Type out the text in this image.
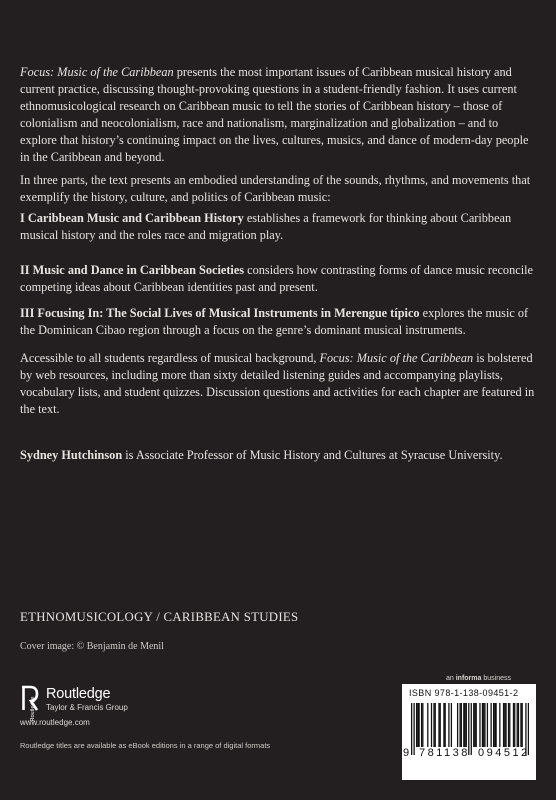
Focus: Music of the Caribbean presents the most important issues of Caribbean musical history and current practice, discussing thought-provoking questions in a student-friendly fashion. It uses current ethnomusicological research on Caribbean music to tell the stories of Caribbean history – those of colonialism and neocolonialism, race and nationalism, marginalization and globalization – and to explore that history’s continuing impact on the lives, cultures, musics, and dance of modern-day people in the Caribbean and beyond.

In three parts, the text presents an embodied understanding of the sounds, rhythms, and movements that exemplify the history, culture, and politics of Caribbean music:

I Caribbean Music and Caribbean History establishes a framework for thinking about Caribbean musical history and the roles race and migration play.

II Music and Dance in Caribbean Societies considers how contrasting forms of dance music reconcile competing ideas about Caribbean identities past and present.

III Focusing In: The Social Lives of Musical Instruments in Merengue típico explores the music of the Dominican Cibao region through a focus on the genre’s dominant musical instruments.

Accessible to all students regardless of musical background, Focus: Music of the Caribbean is bolstered by web resources, including more than sixty detailed listening guides and accompanying playlists, vocabulary lists, and student quizzes. Discussion questions and activities for each chapter are featured in the text.

Sydney Hutchinson is Associate Professor of Music History and Cultures at Syracuse University.

ETHNOMUSICOLOGY / CARIBBEAN STUDIES
Cover image: © Benjamin de Menil
an informa business
Routledge
Routledge
Taylor & Francis Group
www.routledge.com
Routledge titles are available as eBook editions in a range of digital formats
ISBN 978-1-138-09451-2
9 781138 094512
